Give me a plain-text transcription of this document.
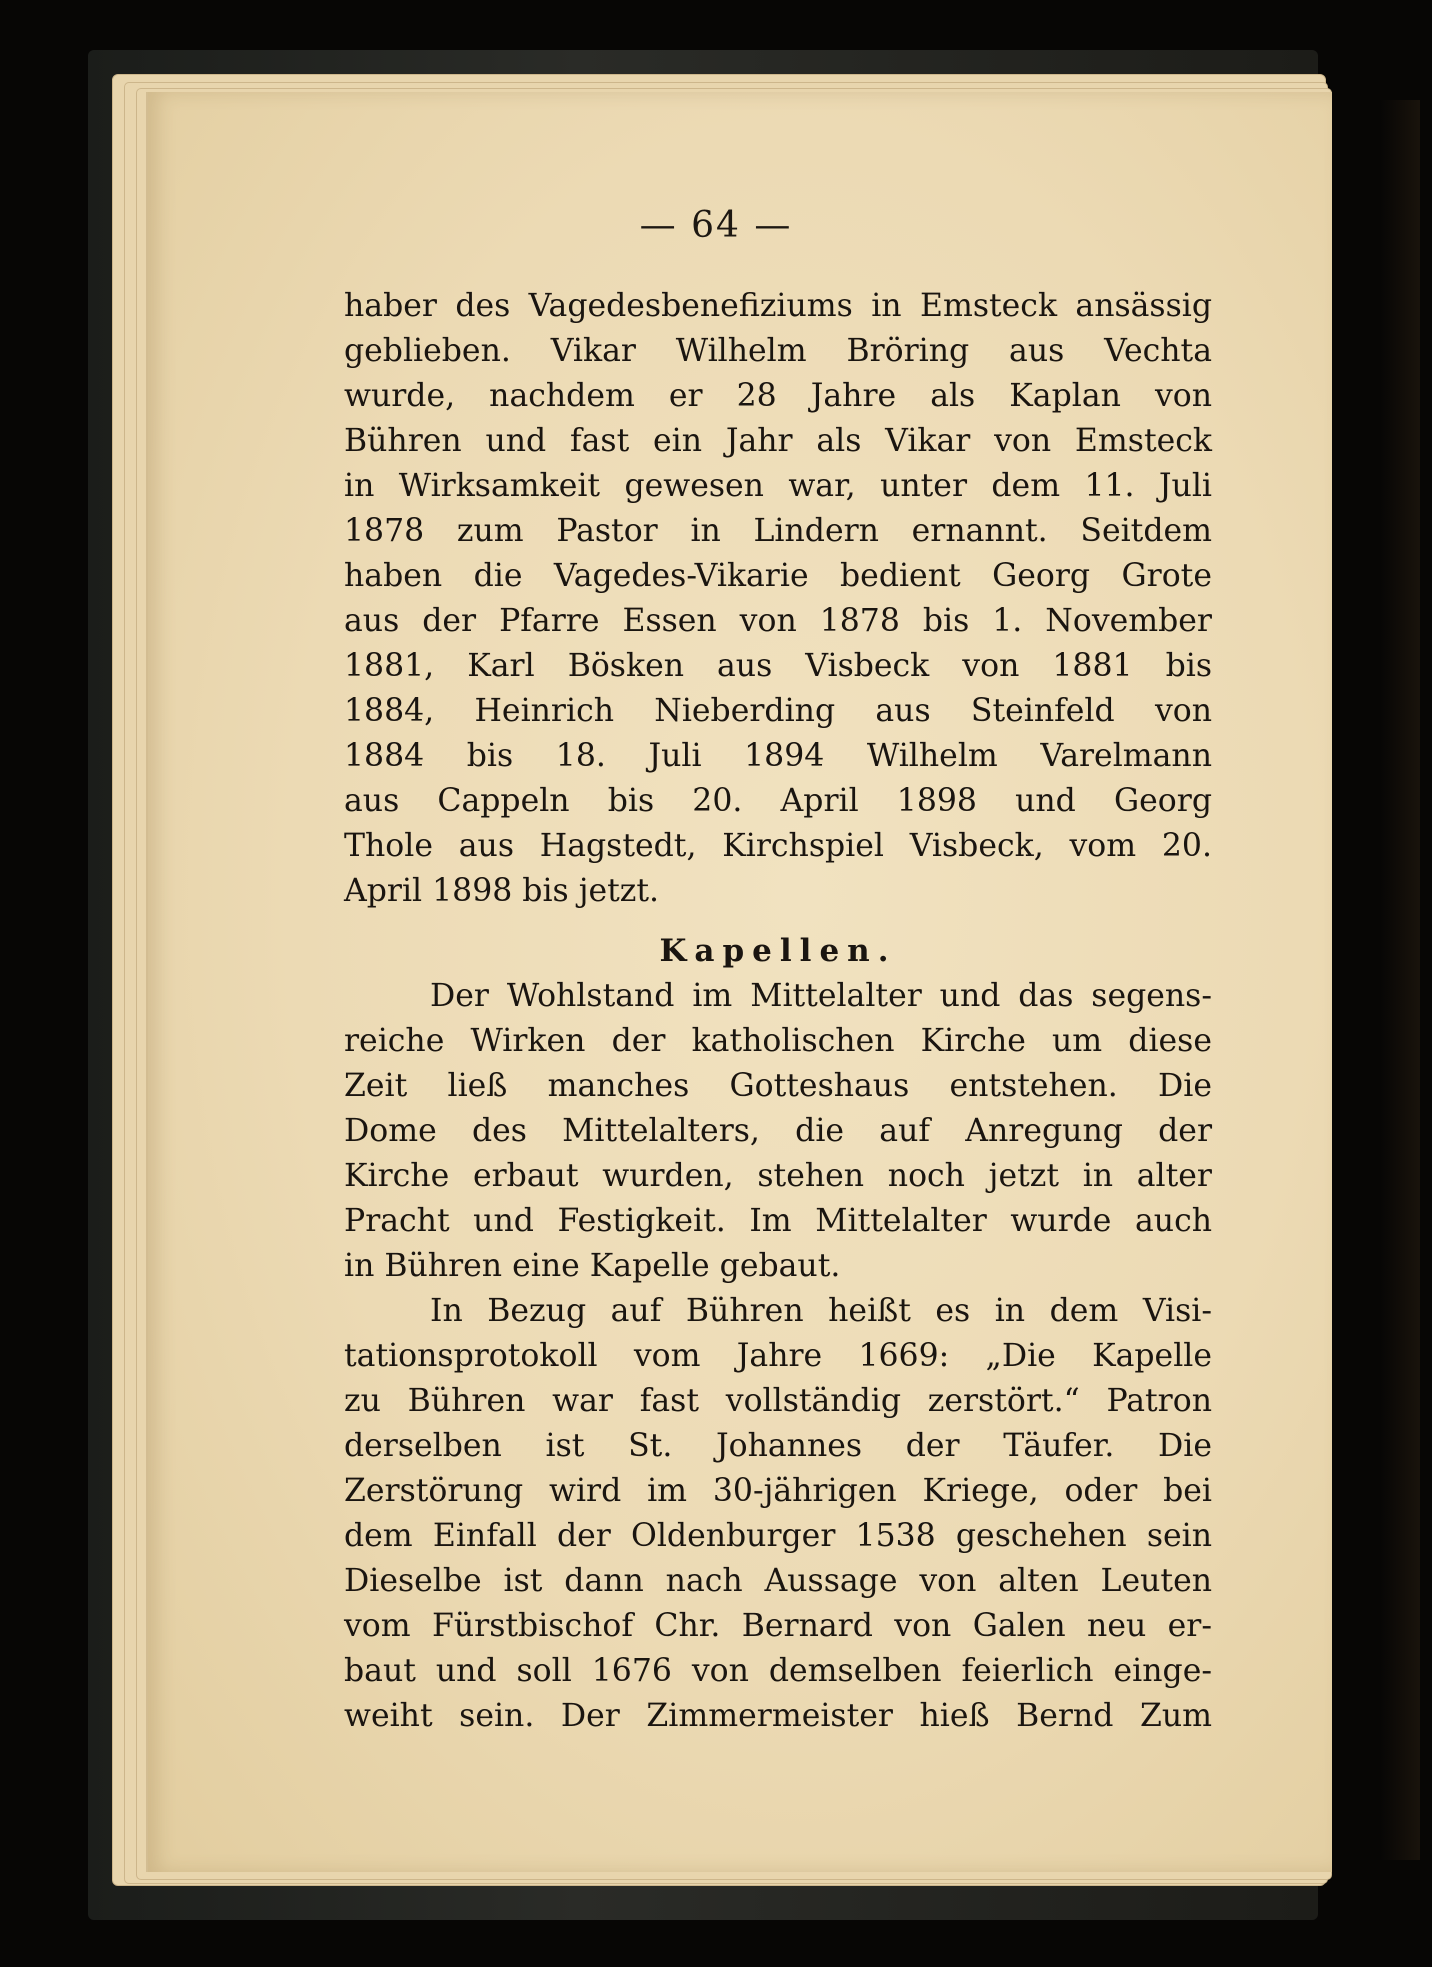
— 64 —

haber des Vagedesbenefiziums in Emsteck ansässig
geblieben. Vikar Wilhelm Bröring aus Vechta
wurde, nachdem er 28 Jahre als Kaplan von
Bühren und fast ein Jahr als Vikar von Emsteck
in Wirksamkeit gewesen war, unter dem 11. Juli
1878 zum Pastor in Lindern ernannt. Seitdem
haben die Vagedes-Vikarie bedient Georg Grote
aus der Pfarre Essen von 1878 bis 1. November
1881, Karl Bösken aus Visbeck von 1881 bis
1884, Heinrich Nieberding aus Steinfeld von
1884 bis 18. Juli 1894 Wilhelm Varelmann
aus Cappeln bis 20. April 1898 und Georg
Thole aus Hagstedt, Kirchspiel Visbeck, vom 20.
April 1898 bis jetzt.
Kapellen.
Der Wohlstand im Mittelalter und das segens-
reiche Wirken der katholischen Kirche um diese
Zeit ließ manches Gotteshaus entstehen. Die
Dome des Mittelalters, die auf Anregung der
Kirche erbaut wurden, stehen noch jetzt in alter
Pracht und Festigkeit. Im Mittelalter wurde auch
in Bühren eine Kapelle gebaut.
In Bezug auf Bühren heißt es in dem Visi-
tationsprotokoll vom Jahre 1669: „Die Kapelle
zu Bühren war fast vollständig zerstört.“ Patron
derselben ist St. Johannes der Täufer. Die
Zerstörung wird im 30-jährigen Kriege, oder bei
dem Einfall der Oldenburger 1538 geschehen sein
Dieselbe ist dann nach Aussage von alten Leuten
vom Fürstbischof Chr. Bernard von Galen neu er-
baut und soll 1676 von demselben feierlich einge-
weiht sein. Der Zimmermeister hieß Bernd Zum
